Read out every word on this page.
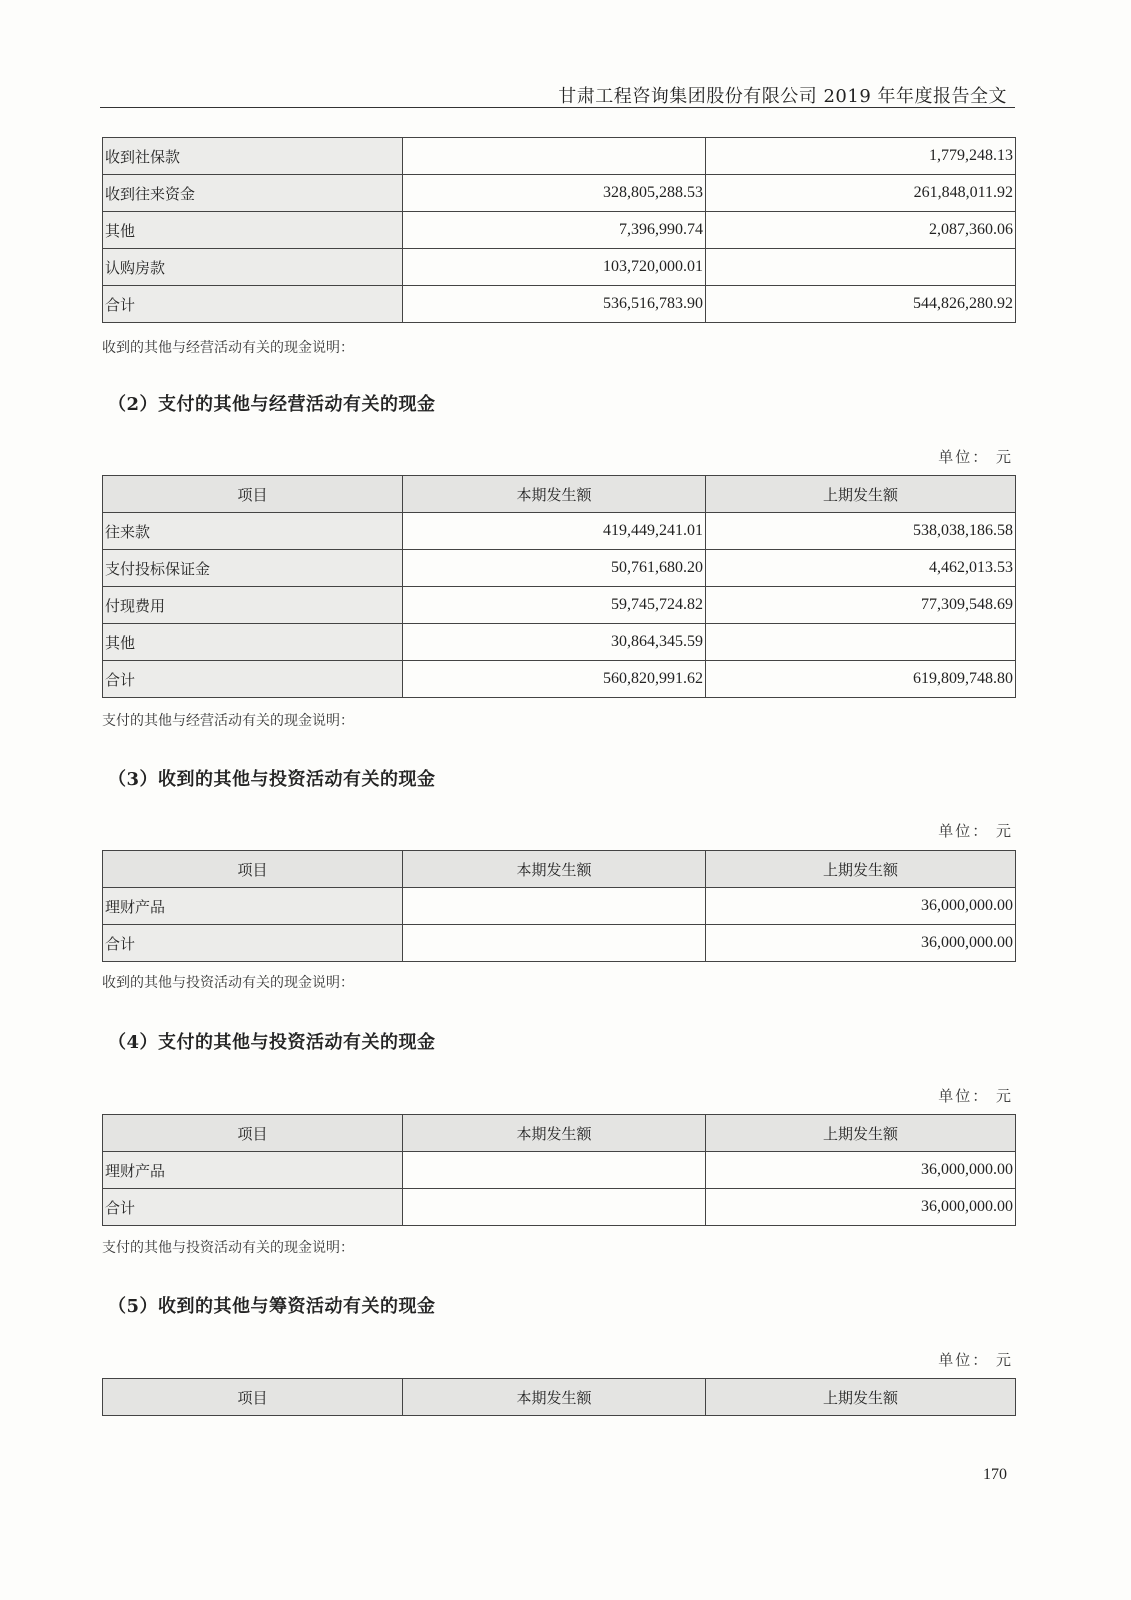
甘肃工程咨询集团股份有限公司 2019 年年度报告全文
收到社保款		1,779,248.13
收到往来资金	328,805,288.53	261,848,011.92
其他	7,396,990.74	2,087,360.06
认购房款	103,720,000.01	
合计	536,516,783.90	544,826,280.92
收到的其他与经营活动有关的现金说明：
（2）支付的其他与经营活动有关的现金
单位： 元
项目	本期发生额	上期发生额
往来款	419,449,241.01	538,038,186.58
支付投标保证金	50,761,680.20	4,462,013.53
付现费用	59,745,724.82	77,309,548.69
其他	30,864,345.59	
合计	560,820,991.62	619,809,748.80
支付的其他与经营活动有关的现金说明：
（3）收到的其他与投资活动有关的现金
单位： 元
项目	本期发生额	上期发生额
理财产品		36,000,000.00
合计		36,000,000.00
收到的其他与投资活动有关的现金说明：
（4）支付的其他与投资活动有关的现金
单位： 元
项目	本期发生额	上期发生额
理财产品		36,000,000.00
合计		36,000,000.00
支付的其他与投资活动有关的现金说明：
（5）收到的其他与筹资活动有关的现金
单位： 元
项目	本期发生额	上期发生额
170
